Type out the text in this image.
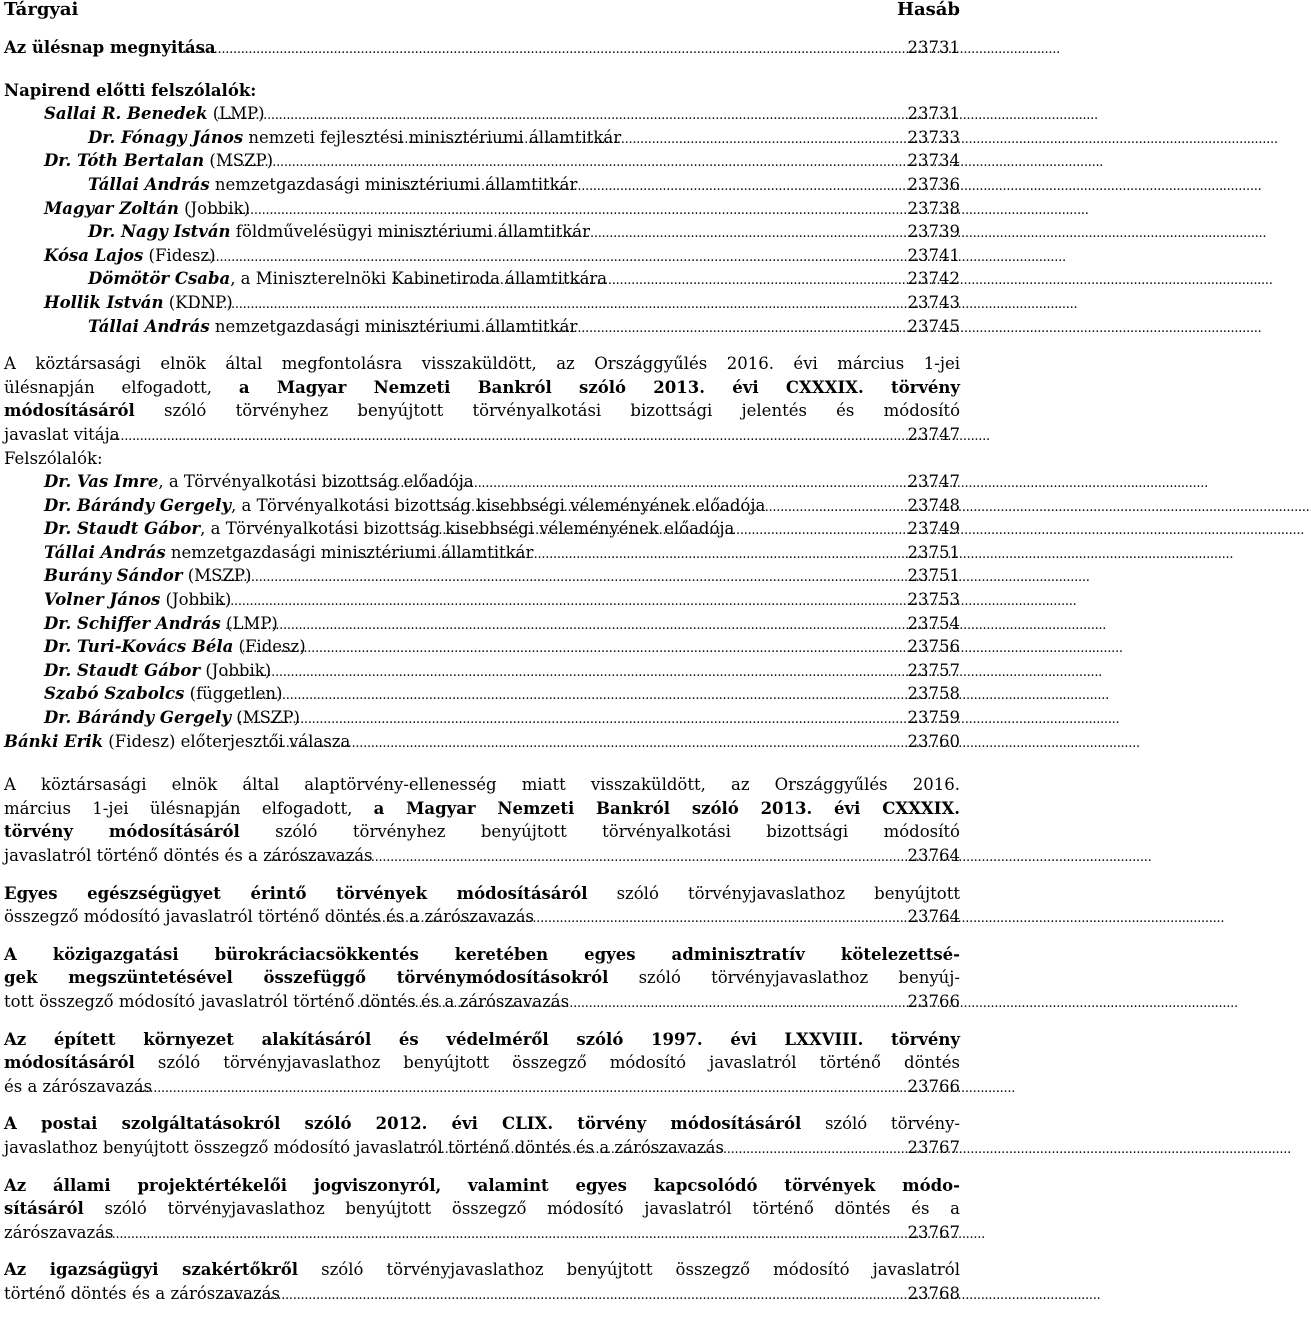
Tárgyai	Hasáb
Az ülésnap megnyitása . . .	23731
Napirend előtti felszólalók:
Sallai R. Benedek (LMP) . . .	23731
Dr. Fónagy János nemzeti fejlesztési minisztériumi államtitkár . . .	23733
Dr. Tóth Bertalan (MSZP) . . .	23734
Tállai András nemzetgazdasági minisztériumi államtitkár . . .	23736
Magyar Zoltán (Jobbik) . . .	23738
Dr. Nagy István földművelésügyi minisztériumi államtitkár . . .	23739
Kósa Lajos (Fidesz) . . .	23741
Dömötör Csaba, a Miniszterelnöki Kabinetiroda államtitkára . . .	23742
Hollik István (KDNP) . . .	23743
Tállai András nemzetgazdasági minisztériumi államtitkár . . .	23745
A köztársasági elnök által megfontolásra visszaküldött, az Országgyűlés 2016. évi március 1-jei
ülésnapján elfogadott, a Magyar Nemzeti Bankról szóló 2013. évi CXXXIX. törvény
módosításáról szóló törvényhez benyújtott törvényalkotási bizottsági jelentés és módosító
javaslat vitája . . .	23747
Felszólalók:
Dr. Vas Imre, a Törvényalkotási bizottság előadója . . .	23747
Dr. Bárándy Gergely, a Törvényalkotási bizottság kisebbségi véleményének előadója . . .	23748
Dr. Staudt Gábor, a Törvényalkotási bizottság kisebbségi véleményének előadója . . .	23749
Tállai András nemzetgazdasági minisztériumi államtitkár . . .	23751
Burány Sándor (MSZP) . . .	23751
Volner János (Jobbik) . . .	23753
Dr. Schiffer András (LMP) . . .	23754
Dr. Turi-Kovács Béla (Fidesz) . . .	23756
Dr. Staudt Gábor (Jobbik) . . .	23757
Szabó Szabolcs (független) . . .	23758
Dr. Bárándy Gergely (MSZP) . . .	23759
Bánki Erik (Fidesz) előterjesztői válasza . . .	23760
A köztársasági elnök által alaptörvény-ellenesség miatt visszaküldött, az Országgyűlés 2016.
március 1-jei ülésnapján elfogadott, a Magyar Nemzeti Bankról szóló 2013. évi CXXXIX.
törvény módosításáról szóló törvényhez benyújtott törvényalkotási bizottsági módosító
javaslatról történő döntés és a zárószavazás . . .	23764
Egyes egészségügyet érintő törvények módosításáról szóló törvényjavaslathoz benyújtott
összegző módosító javaslatról történő döntés és a zárószavazás . . .	23764
A közigazgatási bürokráciacsökkentés keretében egyes adminisztratív kötelezettsé-
gek megszüntetésével összefüggő törvénymódosításokról szóló törvényjavaslathoz benyúj-
tott összegző módosító javaslatról történő döntés és a zárószavazás . . .	23766
Az épített környezet alakításáról és védelméről szóló 1997. évi LXXVIII. törvény
módosításáról szóló törvényjavaslathoz benyújtott összegző módosító javaslatról történő döntés
és a zárószavazás . . .	23766
A postai szolgáltatásokról szóló 2012. évi CLIX. törvény módosításáról szóló törvény-
javaslathoz benyújtott összegző módosító javaslatról történő döntés és a zárószavazás . . .	23767
Az állami projektértékelői jogviszonyról, valamint egyes kapcsolódó törvények módo-
sításáról szóló törvényjavaslathoz benyújtott összegző módosító javaslatról történő döntés és a
zárószavazás . . .	23767
Az igazságügyi szakértőkről szóló törvényjavaslathoz benyújtott összegző módosító javaslatról
történő döntés és a zárószavazás . . .	23768
